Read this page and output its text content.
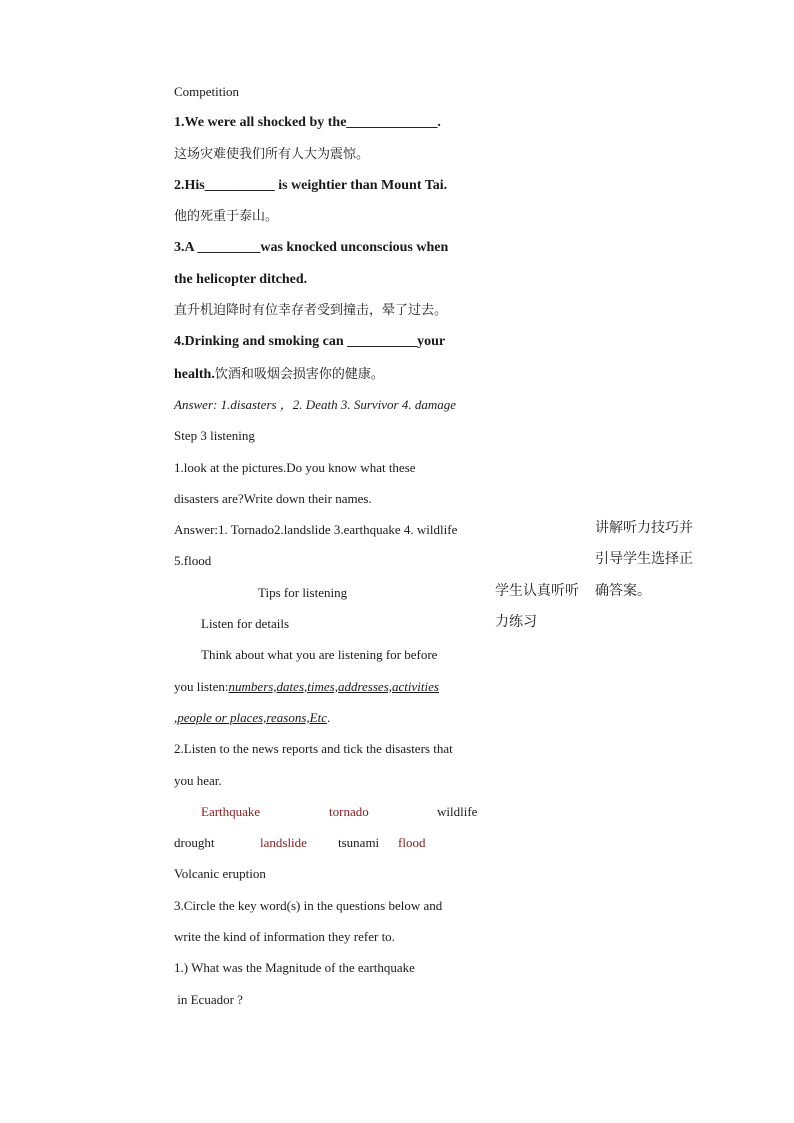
Competition
1.We were all shocked by the_____________.
这场灾难使我们所有人大为震惊。
2.His__________ is weightier than Mount Tai.
他的死重于泰山。
3.A _________was knocked unconscious when
the helicopter ditched.
直升机迫降时有位幸存者受到撞击，晕了过去。
4.Drinking and smoking can __________your
health.饮酒和吸烟会损害你的健康。
Answer: 1.disasters ，2. Death 3. Survivor 4. damage
Step 3 listening
1.look at the pictures.Do you know what these
disasters are?Write down their names.
Answer:1. Tornado2.landslide 3.earthquake 4. wildlife
5.flood
Tips for listening
Listen for details
Think about what you are listening for before
you listen:numbers,dates,times,addresses,activities
,people or places,reasons,Etc.
2.Listen to the news reports and tick the disasters that
you hear.
Earthquake	tornado	wildlife
drought	landslide	tsunami	flood
Volcanic eruption
3.Circle the key word(s) in the questions below and
write the kind of information they refer to.
1.) What was the Magnitude of the earthquake
in Ecuador ?
学生认真听听
力练习
讲解听力技巧并
引导学生选择正
确答案。
